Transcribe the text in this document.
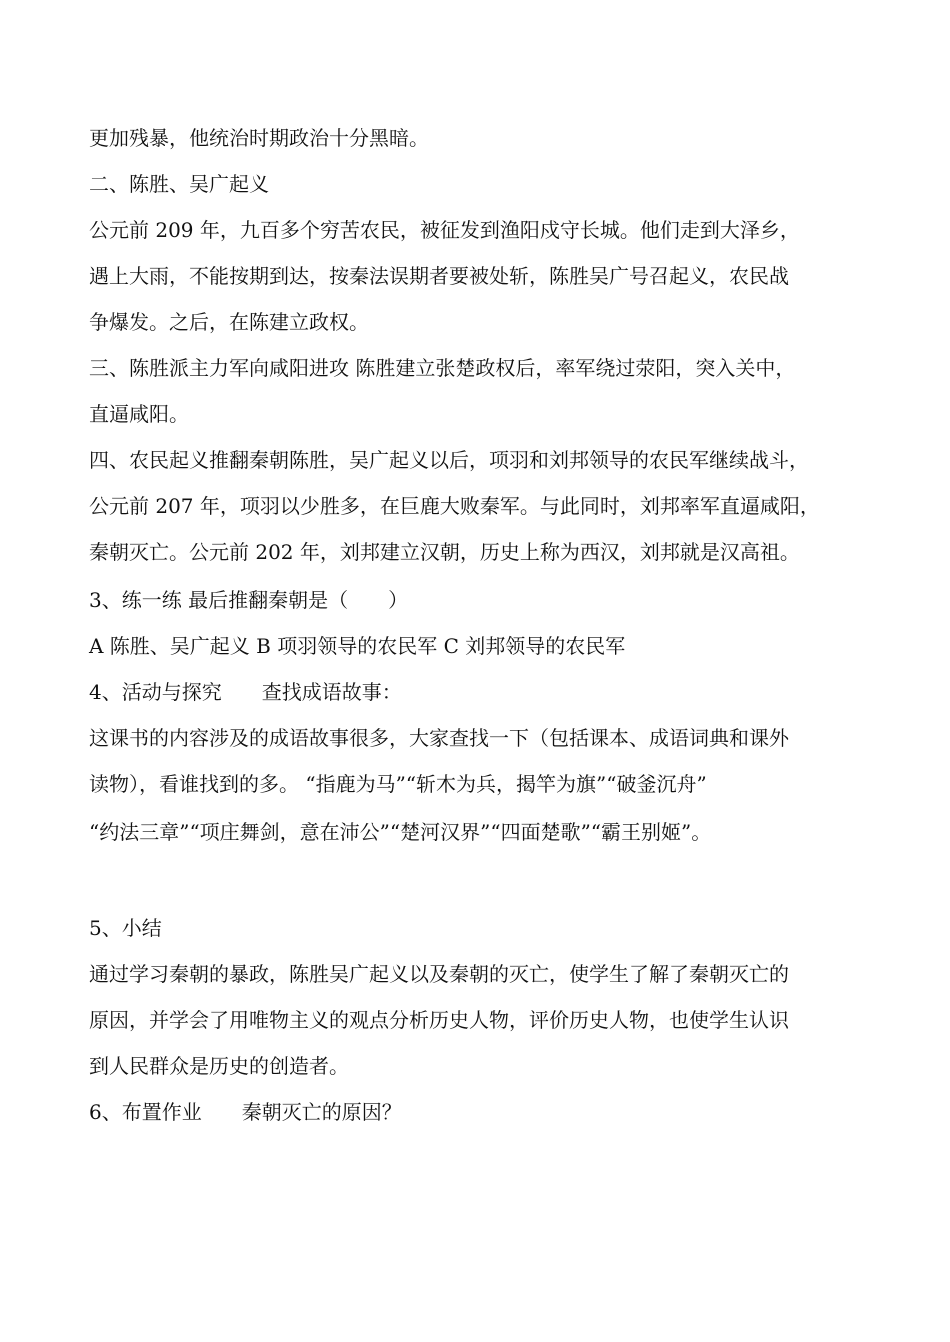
更加残暴，他统治时期政治十分黑暗。
二、陈胜、吴广起义
公元前 209 年，九百多个穷苦农民，被征发到渔阳戍守长城。他们走到大泽乡，
遇上大雨，不能按期到达，按秦法误期者要被处斩，陈胜吴广号召起义，农民战
争爆发。之后，在陈建立政权。
三、陈胜派主力军向咸阳进攻 陈胜建立张楚政权后，率军绕过荥阳，突入关中，
直逼咸阳。
四、农民起义推翻秦朝陈胜，吴广起义以后，项羽和刘邦领导的农民军继续战斗，
公元前 207 年，项羽以少胜多，在巨鹿大败秦军。与此同时，刘邦率军直逼咸阳，
秦朝灭亡。公元前 202 年，刘邦建立汉朝，历史上称为西汉，刘邦就是汉高祖。
3、练一练 最后推翻秦朝是（　　）
A 陈胜、吴广起义 B 项羽领导的农民军 C 刘邦领导的农民军
4、活动与探究　　查找成语故事：
这课书的内容涉及的成语故事很多，大家查找一下（包括课本、成语词典和课外
读物），看谁找到的多。 “指鹿为马”“斩木为兵，揭竿为旗”“破釜沉舟”
“约法三章”“项庄舞剑，意在沛公”“楚河汉界”“四面楚歌”“霸王别姬”。
5、小结
通过学习秦朝的暴政，陈胜吴广起义以及秦朝的灭亡，使学生了解了秦朝灭亡的
原因，并学会了用唯物主义的观点分析历史人物，评价历史人物，也使学生认识
到人民群众是历史的创造者。
6、布置作业　　秦朝灭亡的原因？
